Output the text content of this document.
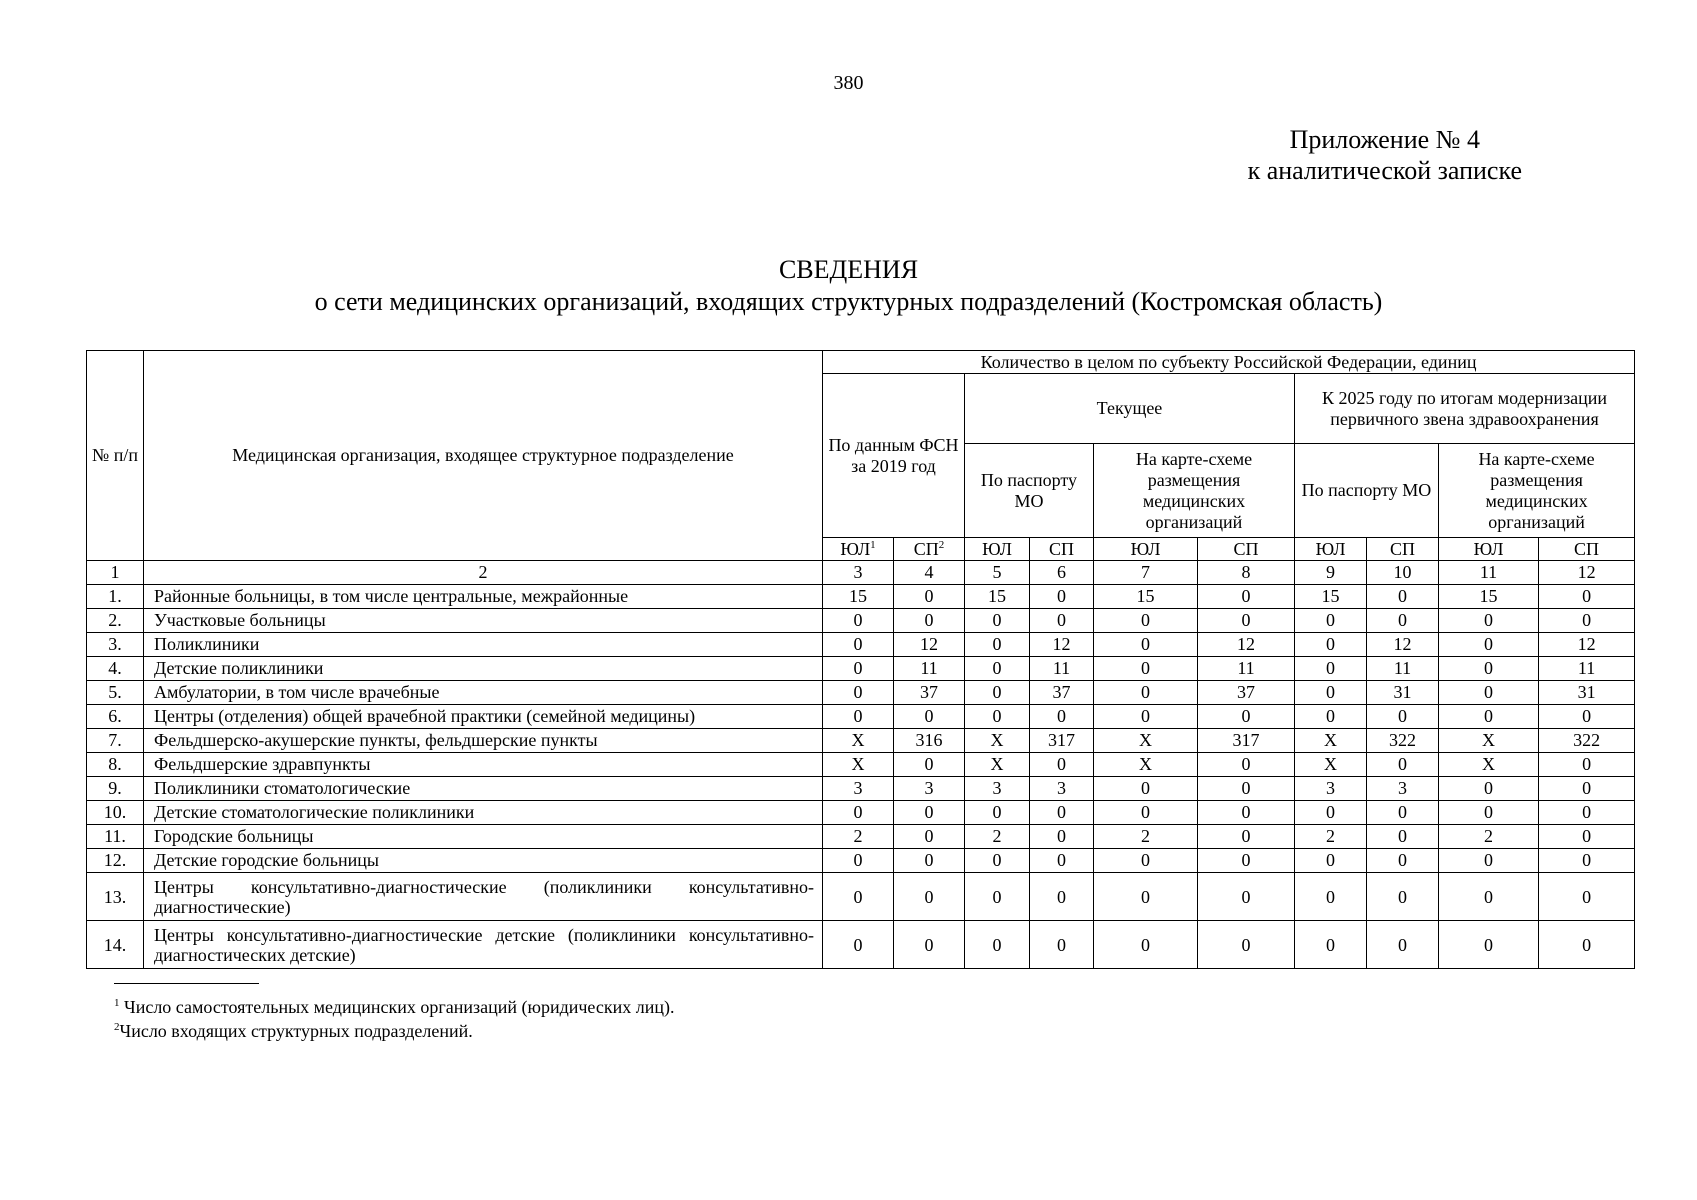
380
Приложение № 4
к аналитической записке
СВЕДЕНИЯ
о сети медицинских организаций, входящих структурных подразделений (Костромская область)
№ п/п	Медицинская организация, входящее структурное подразделение	Количество в целом по субъекту Российской Федерации, единиц									
		По данным ФСН за 2019 год		Текущее				К 2025 году по итогам модернизации первичного звена здравоохранения			
				По паспорту МО		На карте-схеме размещения медицинских организаций		По паспорту МО		На карте-схеме размещения медицинских организаций	
		$ЮЛ^1$	$СП^2$	ЮЛ	СП	ЮЛ	СП	ЮЛ	СП	ЮЛ	СП
1	2	3	4	5	6	7	8	9	10	11	12
1.	Районные больницы, в том числе центральные, межрайонные	15	0	15	0	15	0	15	0	15	0
2.	Участковые больницы	0	0	0	0	0	0	0	0	0	0
3.	Поликлиники	0	12	0	12	0	12	0	12	0	12
4.	Детские поликлиники	0	11	0	11	0	11	0	11	0	11
5.	Амбулатории, в том числе врачебные	0	37	0	37	0	37	0	31	0	31
6.	Центры (отделения) общей врачебной практики (семейной медицины)	0	0	0	0	0	0	0	0	0	0
7.	Фельдшерско-акушерские пункты, фельдшерские пункты	X	316	X	317	X	317	X	322	X	322
8.	Фельдшерские здравпункты	X	0	X	0	X	0	X	0	X	0
9.	Поликлиники стоматологические	3	3	3	3	0	0	3	3	0	0
10.	Детские стоматологические поликлиники	0	0	0	0	0	0	0	0	0	0
11.	Городские больницы	2	0	2	0	2	0	2	0	2	0
12.	Детские городские больницы	0	0	0	0	0	0	0	0	0	0
13.	Центры консультативно-диагностические (поликлиники консультативно-диагностические)	0	0	0	0	0	0	0	0	0	0
14.	Центры консультативно-диагностические детские (поликлиники консультативно-диагностических детские)	0	0	0	0	0	0	0	0	0	0
$^1$ Число самостоятельных медицинских организаций (юридических лиц).
$^2$Число входящих структурных подразделений.
